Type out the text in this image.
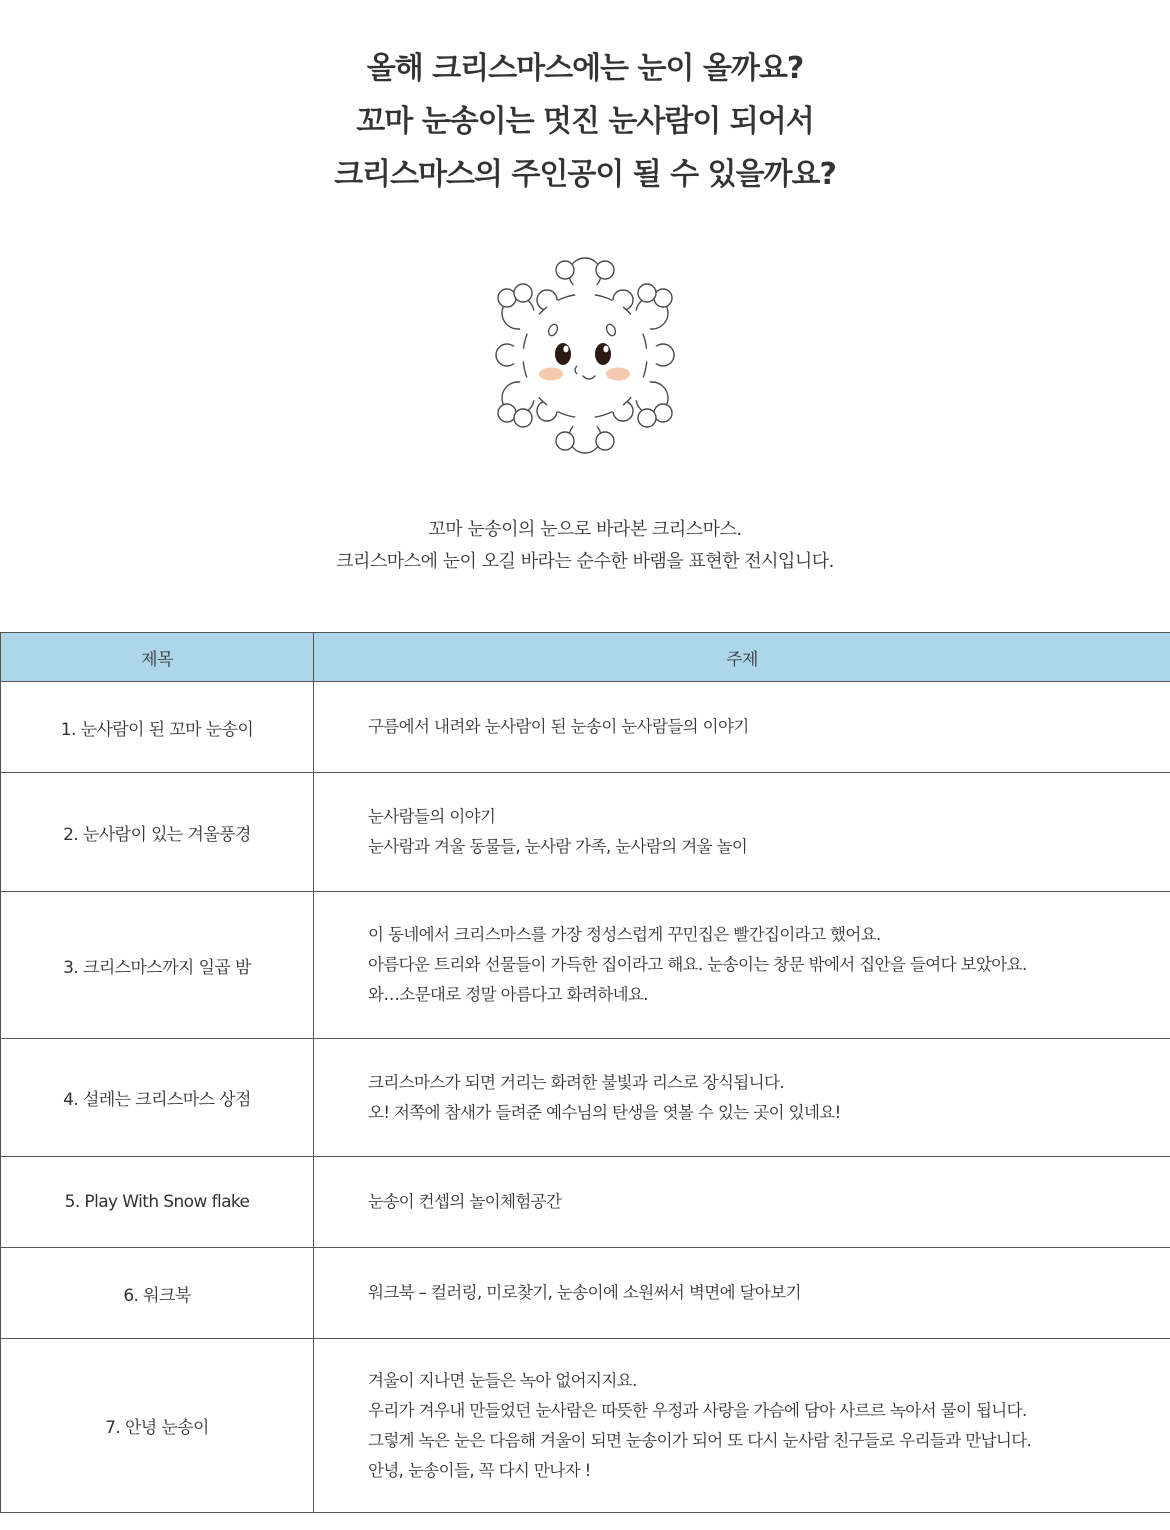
올해 크리스마스에는 눈이 올까요?
꼬마 눈송이는 멋진 눈사람이 되어서
크리스마스의 주인공이 될 수 있을까요?
꼬마 눈송이의 눈으로 바라본 크리스마스.
크리스마스에 눈이 오길 바라는 순수한 바램을 표현한 전시입니다.
제목	주제
1. 눈사람이 된 꼬마 눈송이	구름에서 내려와 눈사람이 된 눈송이 눈사람들의 이야기

2. 눈사람이 있는 겨울풍경	눈사람들의 이야기
눈사람과 겨울 동물들, 눈사람 가족, 눈사람의 겨울 놀이

3. 크리스마스까지 일곱 밤	이 동네에서 크리스마스를 가장 정성스럽게 꾸민집은 빨간집이라고 했어요.
아름다운 트리와 선물들이 가득한 집이라고 해요. 눈송이는 창문 밖에서 집안을 들여다 보았아요.
와…소문대로 정말 아름다고 화려하네요.

4. 설레는 크리스마스 상점	크리스마스가 되면 거리는 화려한 불빛과 리스로 장식됩니다.
오! 저쪽에 참새가 들려준 예수님의 탄생을 엿볼 수 있는 곳이 있네요!

5. Play With Snow flake	눈송이 컨셉의 놀이체험공간

6. 워크북	워크북 – 컬러링, 미로찾기, 눈송이에 소원써서 벽면에 달아보기

7. 안녕 눈송이	겨울이 지나면 눈들은 녹아 없어지지요.
우리가 겨우내 만들었던 눈사람은 따뜻한 우정과 사랑을 가슴에 담아 사르르 녹아서 물이 됩니다.
그렇게 녹은 눈은 다음해 겨울이 되면 눈송이가 되어 또 다시 눈사람 친구들로 우리들과 만납니다.
안녕, 눈송이들, 꼭 다시 만나자 !
